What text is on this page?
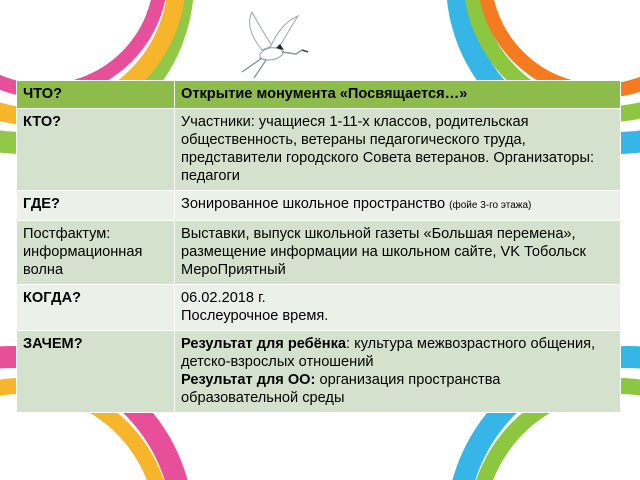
ЧТО?	Открытие монумента «Посвящается…»
КТО?	Участники: учащиеся 1-11-х классов, родительская общественность, ветераны педагогического труда, представители городского Совета ветеранов. Организаторы: педагоги
ГДЕ?	Зонированное школьное пространство (фойе 3-го этажа)
Постфактум: информационная волна	Выставки, выпуск школьной газеты «Большая перемена», размещение информации на школьном сайте, VK Тобольск МероПриятный
КОГДА?	06.02.2018 г.
Послеурочное время.

ЗАЧЕМ?	Результат для ребёнка: культура межвозрастного общения, детско-взрослых отношений
Результат для ОО: организация пространства образовательной среды
